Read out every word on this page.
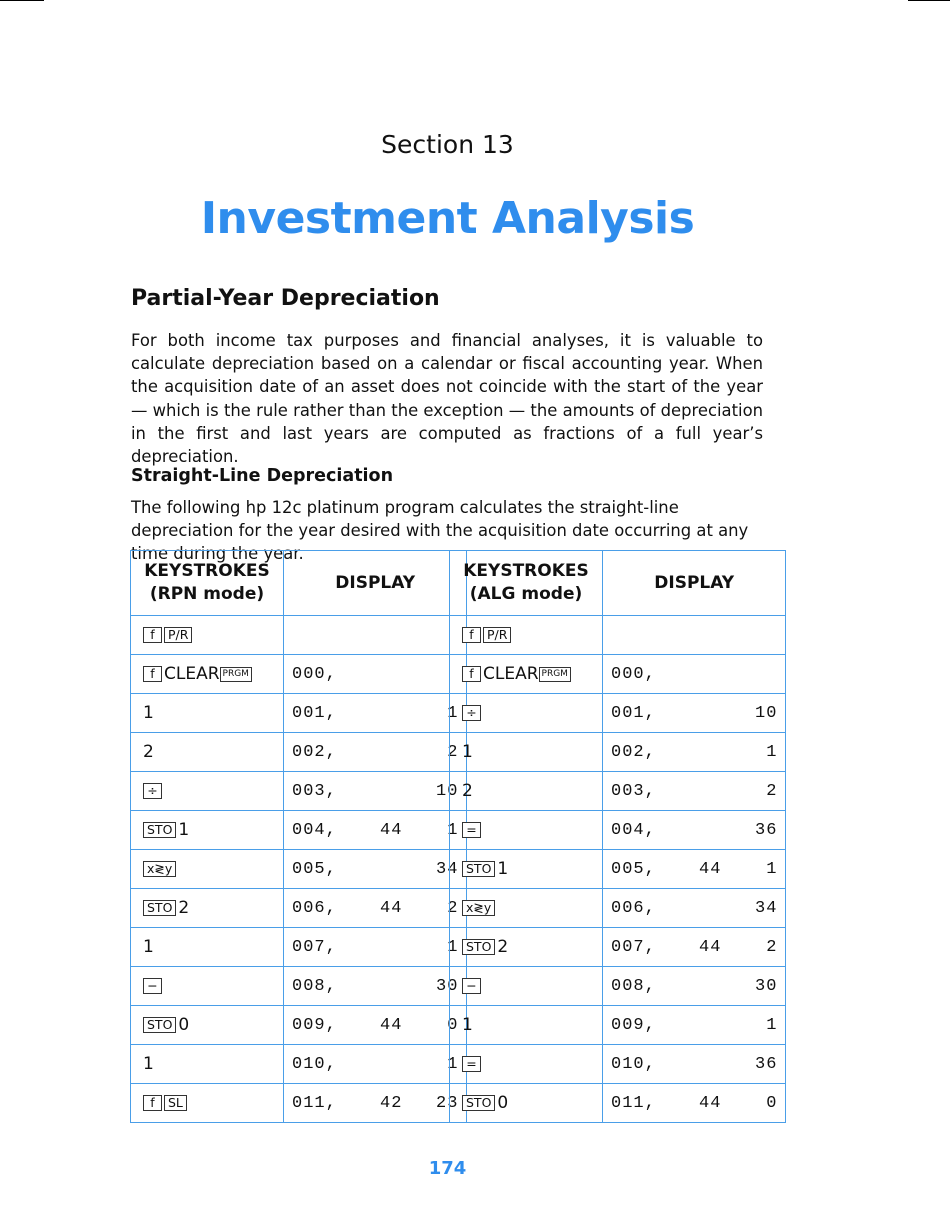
Section 13
Investment Analysis
Partial-Year Depreciation

For both income tax purposes and financial analyses, it is valuable to calculate depreciation based on a calendar or fiscal accounting year. When the acquisition date of an asset does not coincide with the start of the year — which is the rule rather than the exception — the amounts of depreciation in the first and last years are computed as fractions of a full year’s depreciation.

Straight-Line Depreciation

The following hp 12c platinum program calculates the straight-line depreciation for the year desired with the acquisition date occurring at any time during the year.

KEYSTROKES
(RPN mode)	DISPLAY
f P/R	

f CLEAR PRGM	000,

1	001, 1

2	002, 2

÷	003, 10

STO 1	004, 44 1

x≷y	005, 34

STO 2	006, 44 2

1	007, 1

−	008, 30

STO 0	009, 44 0

1	010, 1

f SL	011, 42 23
KEYSTROKES
(ALG mode)	DISPLAY
f P/R	

f CLEAR PRGM	000,

÷	001, 10

1	002, 1

2	003, 2

=	004, 36

STO 1	005, 44 1

x≷y	006, 34

STO 2	007, 44 2

−	008, 30

1	009, 1

=	010, 36

STO 0	011, 44 0
174
